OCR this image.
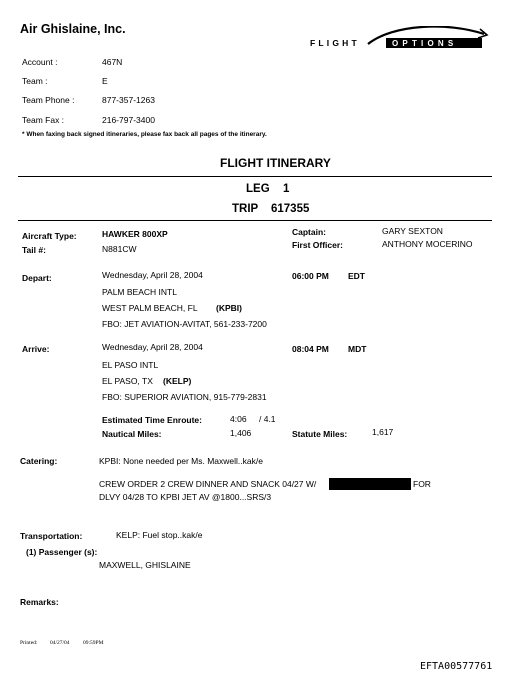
Air Ghislaine, Inc.
FLIGHT	OPTIONS
Account :	467N
Team :	E
Team Phone :	877-357-1263
Team Fax :	216-797-3400
* When faxing back signed itineraries, please fax back all pages of the itinerary.
FLIGHT ITINERARY
LEG 1
TRIP 617355
Aircraft Type:	HAWKER 800XP
Tail #:	N881CW
Captain:	GARY SEXTON
First Officer:	ANTHONY MOCERINO
Depart:	Wednesday, April 28, 2004	06:00 PM EDT
PALM BEACH INTL
WEST PALM BEACH, FL (KPBI)
FBO: JET AVIATION-AVITAT, 561-233-7200
Arrive:	Wednesday, April 28, 2004	08:04 PM MDT
EL PASO INTL
EL PASO, TX (KELP)
FBO: SUPERIOR AVIATION, 915-779-2831
Estimated Time Enroute:	4:06 / 4.1
Nautical Miles:	1,406	Statute Miles:	1,617
Catering:	KPBI: None needed per Ms. Maxwell..kak/e
CREW ORDER 2 CREW DINNER AND SNACK 04/27 W/	FOR
DLVY 04/28 TO KPBI JET AV @1800...SRS/3
Transportation:	KELP: Fuel stop..kak/e
(1) Passenger (s):
MAXWELL, GHISLAINE
Remarks:
Printed: 04/27/04 09:59PM
EFTA00577761
